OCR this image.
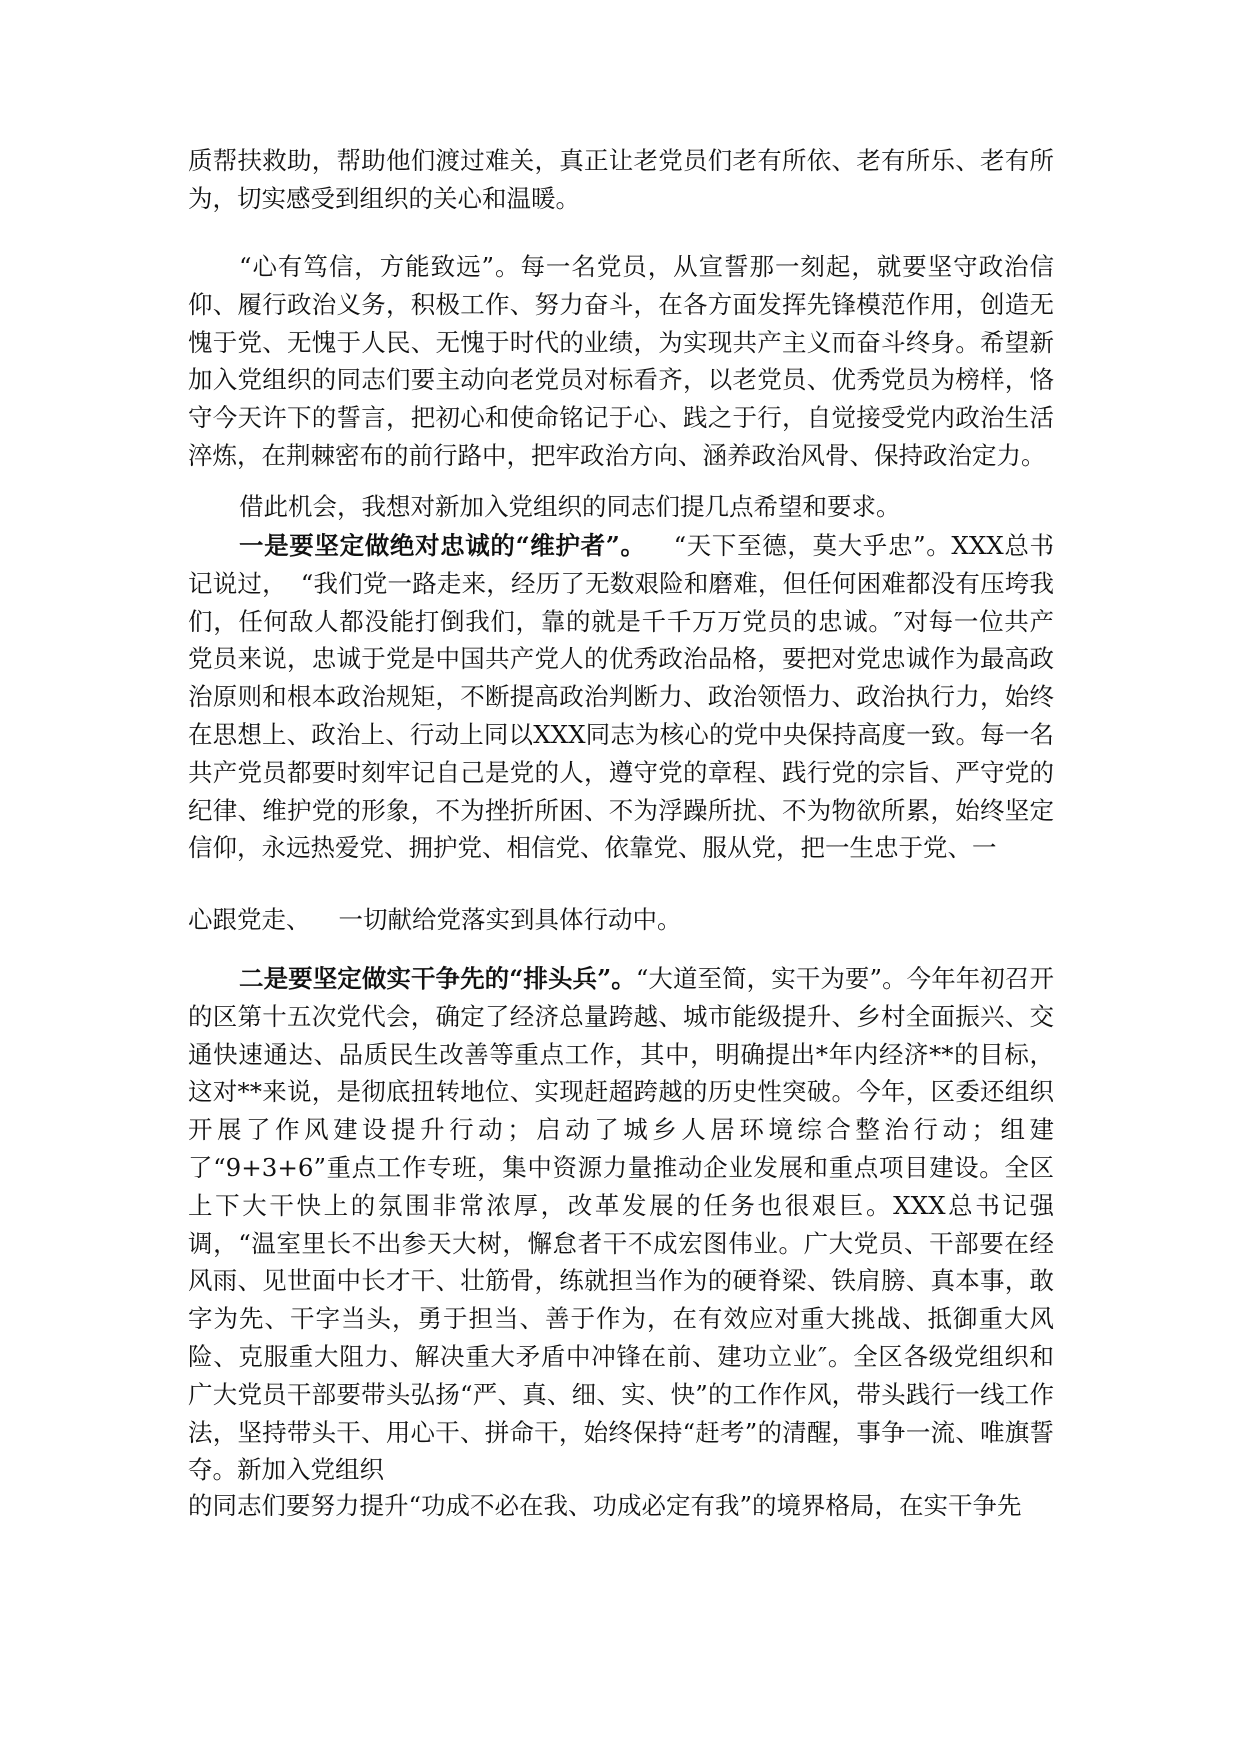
质帮扶救助，帮助他们渡过难关，真正让老党员们老有所依、老有所乐、老有所为，切实感受到组织的关心和温暖。

“心有笃信，方能致远”。每一名党员，从宣誓那一刻起，就要坚守政治信仰、履行政治义务，积极工作、努力奋斗，在各方面发挥先锋模范作用，创造无愧于党、无愧于人民、无愧于时代的业绩，为实现共产主义而奋斗终身。希望新加入党组织的同志们要主动向老党员对标看齐，以老党员、优秀党员为榜样，恪守今天许下的誓言，把初心和使命铭记于心、践之于行，自觉接受党内政治生活淬炼，在荆棘密布的前行路中，把牢政治方向、涵养政治风骨、保持政治定力。

借此机会，我想对新加入党组织的同志们提几点希望和要求。

一是要坚定做绝对忠诚的“维护者”。 “天下至德，莫大乎忠”。XXX总书记说过， “我们党一路走来，经历了无数艰险和磨难，但任何困难都没有压垮我们，任何敌人都没能打倒我们，靠的就是千千万万党员的忠诚。″对每一位共产党员来说，忠诚于党是中国共产党人的优秀政治品格，要把对党忠诚作为最高政治原则和根本政治规矩，不断提高政治判断力、政治领悟力、政治执行力，始终在思想上、政治上、行动上同以XXX同志为核心的党中央保持高度一致。每一名共产党员都要时刻牢记自己是党的人，遵守党的章程、践行党的宗旨、严守党的纪律、维护党的形象，不为挫折所困、不为浮躁所扰、不为物欲所累，始终坚定信仰，永远热爱党、拥护党、相信党、依靠党、服从党，把一生忠于党、一

心跟党走、 一切献给党落实到具体行动中。

二是要坚定做实干争先的“排头兵”。“大道至简，实干为要”。今年年初召开的区第十五次党代会，确定了经济总量跨越、城市能级提升、乡村全面振兴、交通快速通达、品质民生改善等重点工作，其中，明确提出*年内经济**的目标，这对**来说，是彻底扭转地位、实现赶超跨越的历史性突破。今年，区委还组织开展了作风建设提升行动；启动了城乡人居环境综合整治行动；组建了“9+3+6”重点工作专班，集中资源力量推动企业发展和重点项目建设。全区上下大干快上的氛围非常浓厚，改革发展的任务也很艰巨。XXX总书记强调，“温室里长不出参天大树，懈怠者干不成宏图伟业。广大党员、干部要在经风雨、见世面中长才干、壮筋骨，练就担当作为的硬脊梁、铁肩膀、真本事，敢字为先、干字当头，勇于担当、善于作为，在有效应对重大挑战、抵御重大风险、克服重大阻力、解决重大矛盾中冲锋在前、建功立业″。全区各级党组织和广大党员干部要带头弘扬“严、真、细、实、快”的工作作风，带头践行一线工作法，坚持带头干、用心干、拼命干，始终保持“赶考”的清醒，事争一流、唯旗誓夺。新加入党组织

的同志们要努力提升“功成不必在我、功成必定有我”的境界格局，在实干争先
